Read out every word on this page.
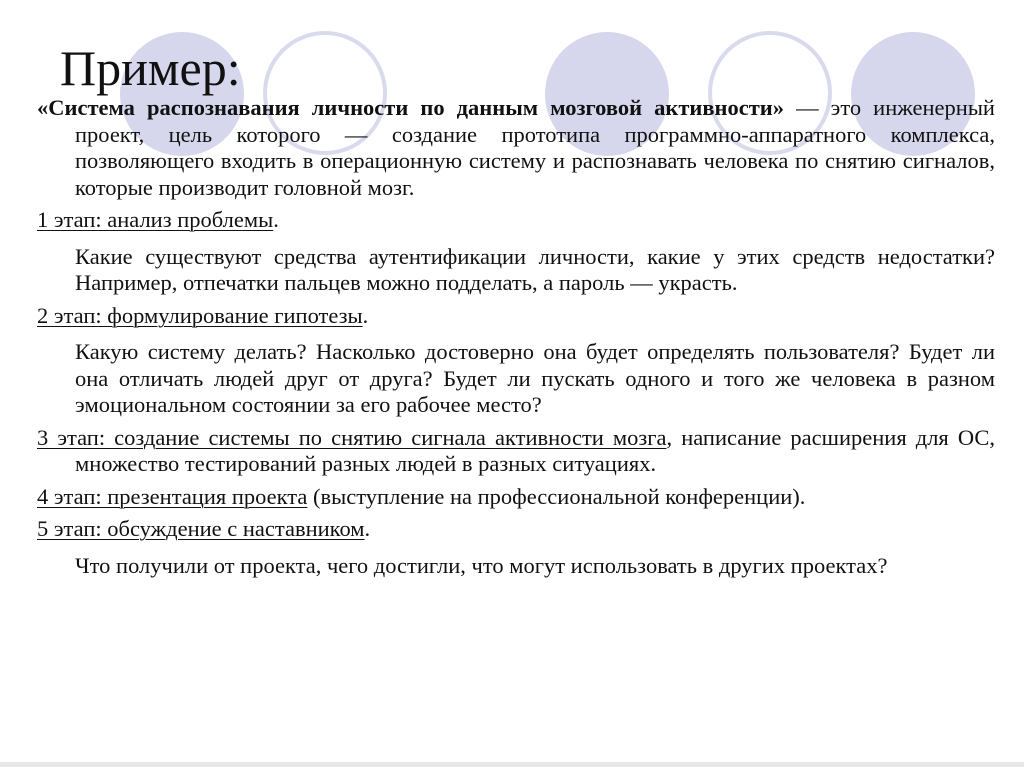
Пример:

«Система распознавания личности по данным мозговой активности» — это инженерный проект, цель которого — создание прототипа программно-аппаратного комплекса, позволяющего входить в операционную систему и распознавать человека по снятию сигналов, которые производит головной мозг.

1 этап: анализ проблемы.

Какие существуют средства аутентификации личности, какие у этих средств недостатки? Например, отпечатки пальцев можно подделать, а пароль — украсть.

2 этап: формулирование гипотезы.

Какую систему делать? Насколько достоверно она будет определять пользователя? Будет ли она отличать людей друг от друга? Будет ли пускать одного и того же человека в разном эмоциональном состоянии за его рабочее место?

3 этап: создание системы по снятию сигнала активности мозга, написание расширения для ОС, множество тестирований разных людей в разных ситуациях.

4 этап: презентация проекта (выступление на профессиональной конференции).

5 этап: обсуждение с наставником.

Что получили от проекта, чего достигли, что могут использовать в других проектах?
